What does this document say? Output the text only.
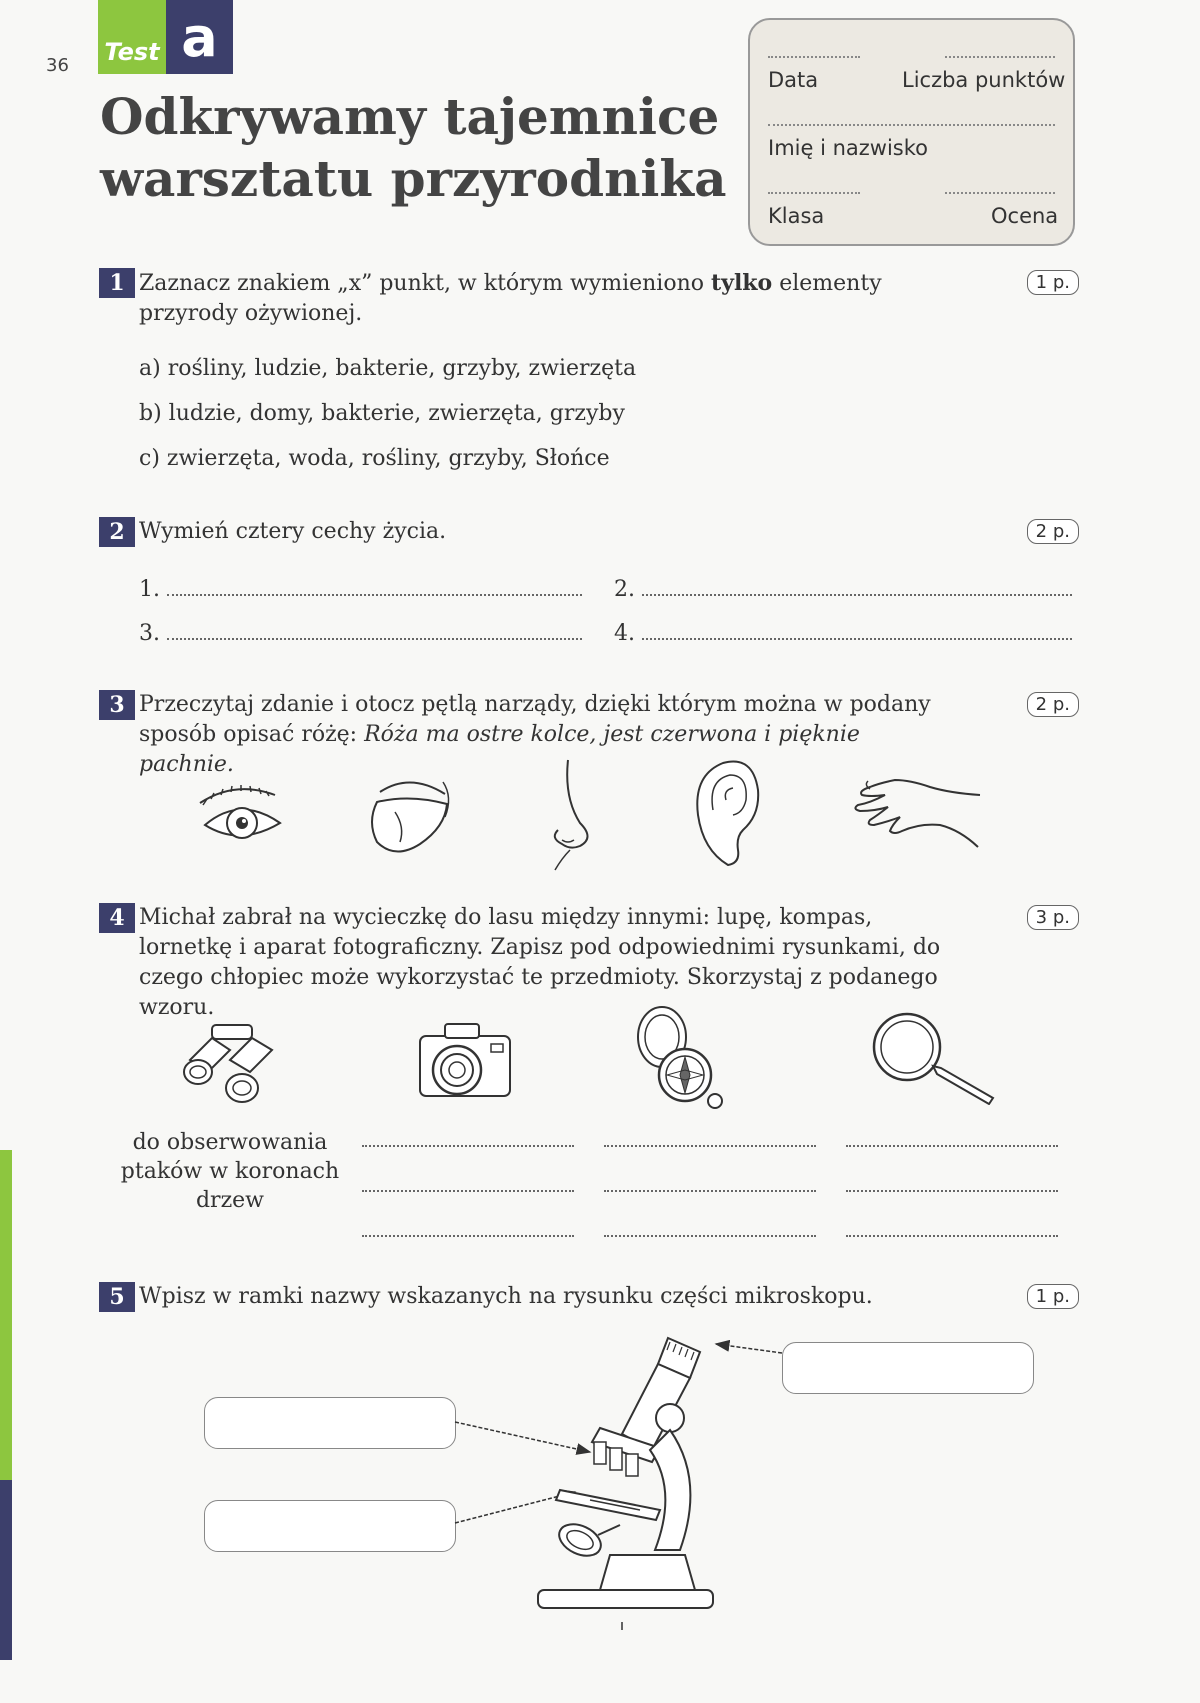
36 Test a
Odkrywamy tajemnice
warsztatu przyrodnika
Data	Liczba punktów
Imię i nazwisko
Klasa	Ocena
1 Zaznacz znakiem „x” punkt, w którym wymieniono tylko elementy przyrody ożywionej.
1 p.
a) rośliny, ludzie, bakterie, grzyby, zwierzęta
b) ludzie, domy, bakterie, zwierzęta, grzyby
c) zwierzęta, woda, rośliny, grzyby, Słońce
2 Wymień cztery cechy życia.	2 p.
1.	2.
3.	4.
3 Przeczytaj zdanie i otocz pętlą narządy, dzięki którym można w podany sposób opisać różę: Róża ma ostre kolce, jest czerwona i pięknie pachnie.
2 p.
4 Michał zabrał na wycieczkę do lasu między innymi: lupę, kompas, lornetkę i aparat fotograficzny. Zapisz pod odpowiednimi rysunkami, do czego chłopiec może wykorzystać te przedmioty. Skorzystaj z podanego wzoru.
3 p.
do obserwowania ptaków w koronach drzew
5 Wpisz w ramki nazwy wskazanych na rysunku części mikroskopu.	1 p.
